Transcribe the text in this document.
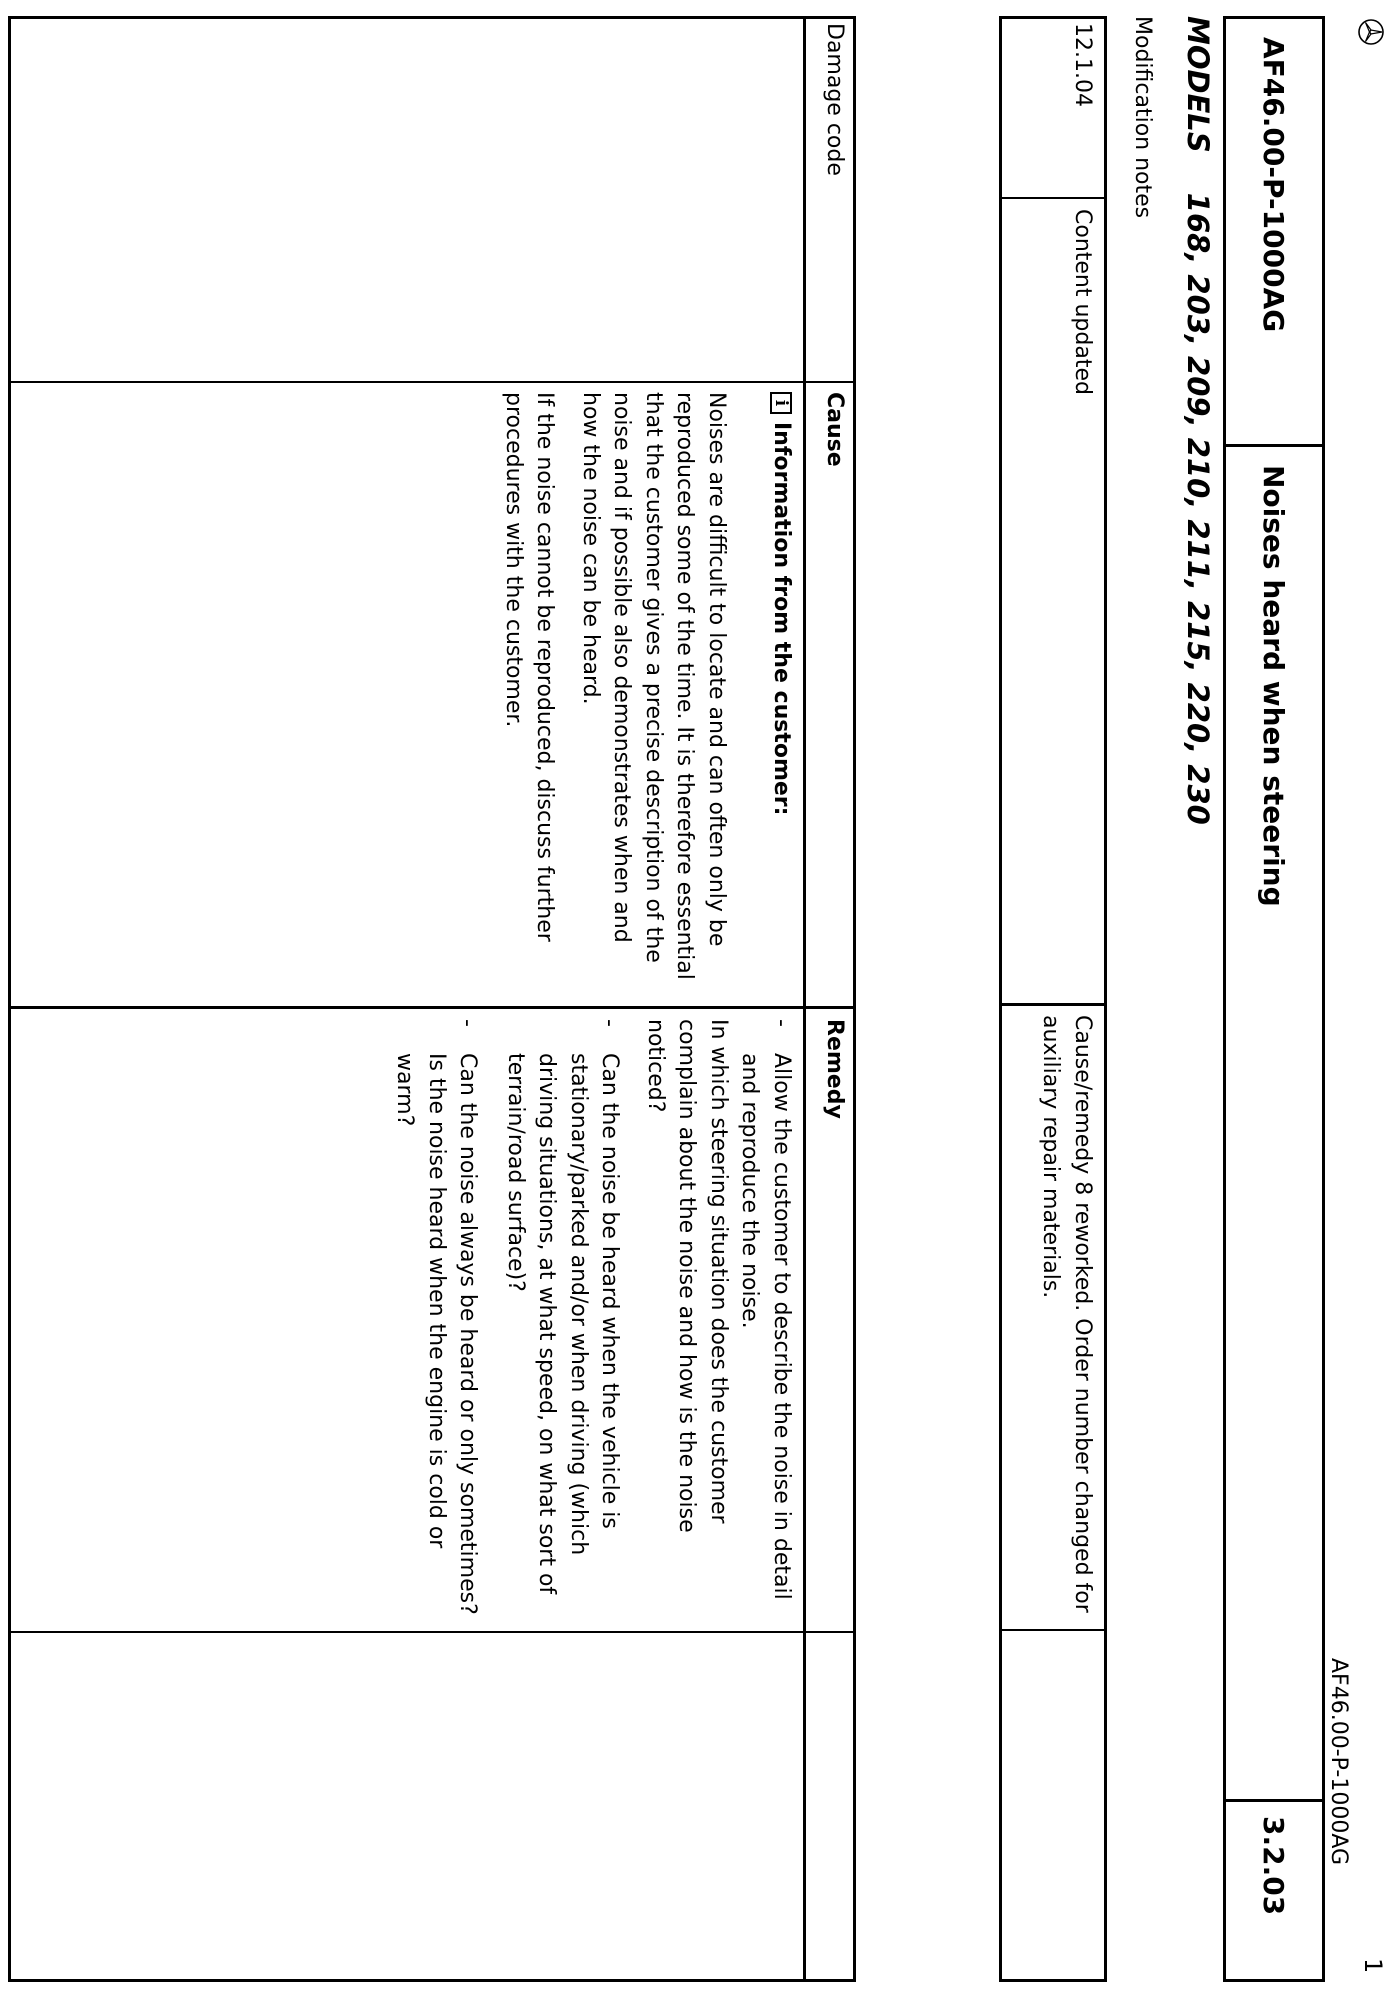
1
AF46.00-P-1000AG
AF46.00-P-1000AG
Noises heard when steering
3.2.03
MODELS168, 203, 209, 210, 211, 215, 220, 230
Modification notes
12.1.04
Content updated
Cause/remedy 8 reworked. Order number changed for auxiliary repair materials.
Damage code
Cause
Remedy
i
Information from the customer:

Noises are difficult to locate and can often only be reproduced some of the time. It is therefore essential that the customer gives a precise description of the noise and if possible also demonstrates when and how the noise can be heard.

If the noise cannot be reproduced, discuss further procedures with the customer.

-
Allow the customer to describe the noise in detail and reproduce the noise.

In which steering situation does the customer complain about the noise and how is the noise noticed?

-
Can the noise be heard when the vehicle is stationary/parked and/or when driving (which driving situations, at what speed, on what sort of terrain/road surface)?

-
Can the noise always be heard or only sometimes? Is the noise heard when the engine is cold or warm?
